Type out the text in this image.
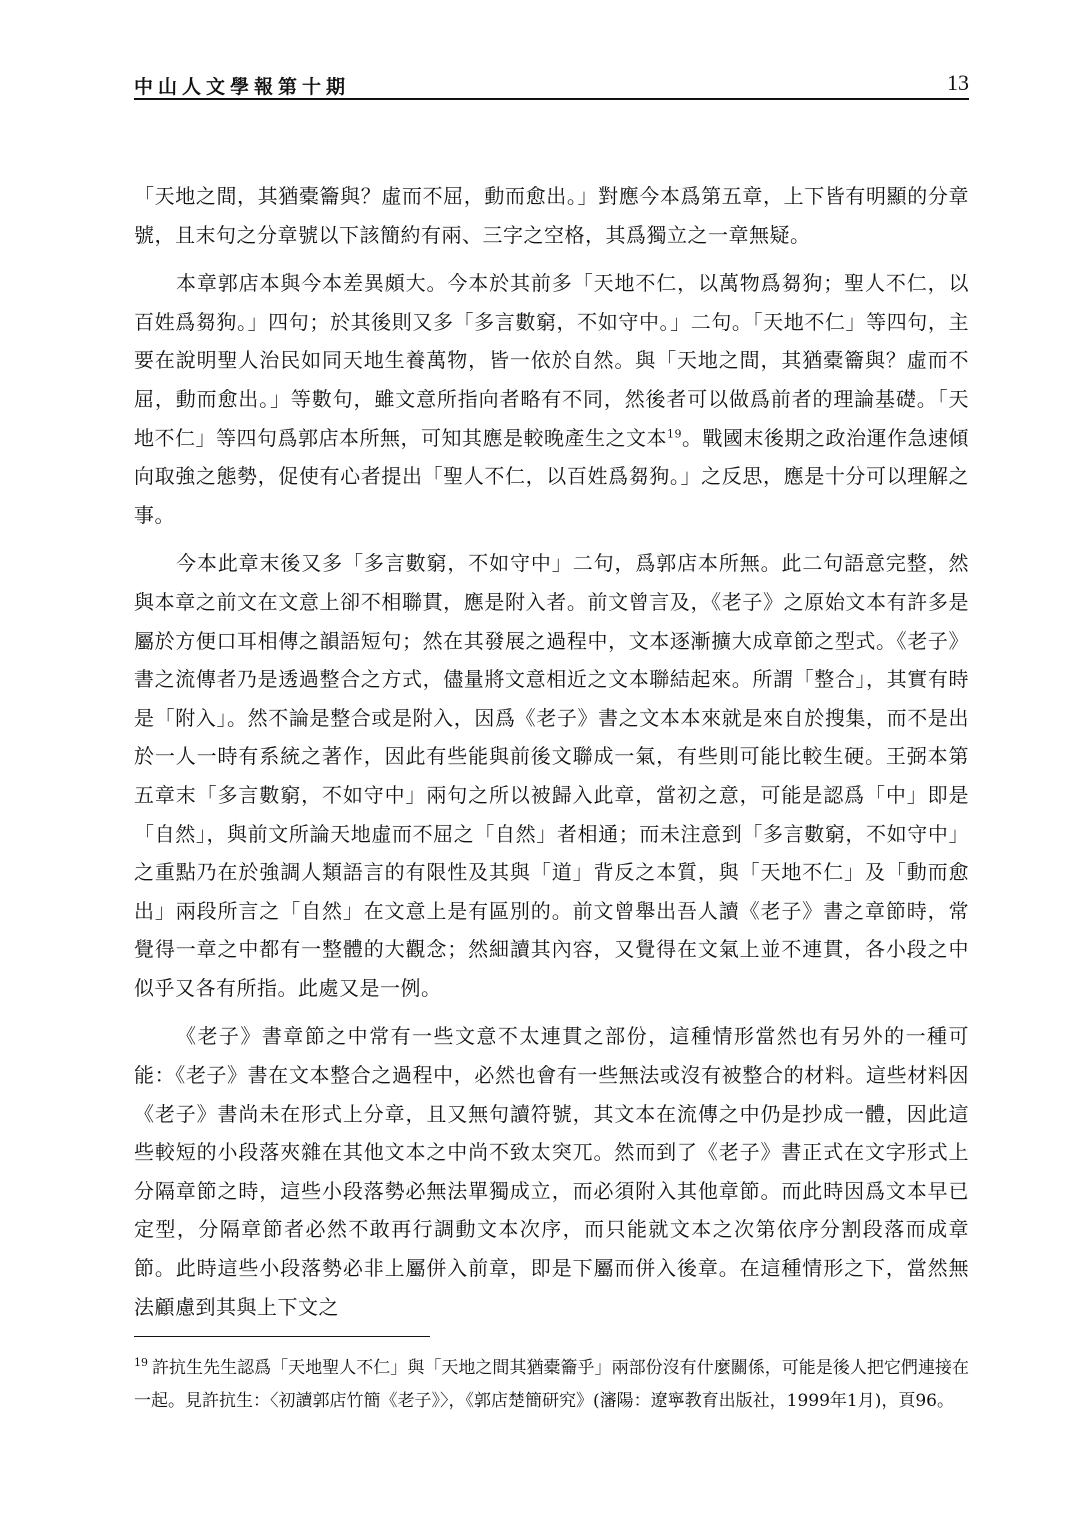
中山人文學報第十期	13

「天地之間，其猶橐籥與？虛而不屈，動而愈出。」對應今本爲第五章，上下皆有明顯的分章號，且末句之分章號以下該簡約有兩、三字之空格，其爲獨立之一章無疑。

本章郭店本與今本差異頗大。今本於其前多「天地不仁，以萬物爲芻狗；聖人不仁，以百姓爲芻狗。」四句；於其後則又多「多言數窮，不如守中。」二句。「天地不仁」等四句，主要在說明聖人治民如同天地生養萬物，皆一依於自然。與「天地之間，其猶橐籥與？虛而不屈，動而愈出。」等數句，雖文意所指向者略有不同，然後者可以做爲前者的理論基礎。「天地不仁」等四句爲郭店本所無，可知其應是較晚產生之文本$^{19}$。戰國末後期之政治運作急速傾向取強之態勢，促使有心者提出「聖人不仁，以百姓爲芻狗。」之反思，應是十分可以理解之事。

今本此章末後又多「多言數窮，不如守中」二句，爲郭店本所無。此二句語意完整，然與本章之前文在文意上卻不相聯貫，應是附入者。前文曾言及，《老子》之原始文本有許多是屬於方便口耳相傳之韻語短句；然在其發展之過程中，文本逐漸擴大成章節之型式。《老子》書之流傳者乃是透過整合之方式，儘量將文意相近之文本聯結起來。所謂「整合」，其實有時是「附入」。然不論是整合或是附入，因爲《老子》書之文本本來就是來自於搜集，而不是出於一人一時有系統之著作，因此有些能與前後文聯成一氣，有些則可能比較生硬。王弼本第五章末「多言數窮，不如守中」兩句之所以被歸入此章，當初之意，可能是認爲「中」即是「自然」，與前文所論天地虛而不屈之「自然」者相通；而未注意到「多言數窮，不如守中」之重點乃在於強調人類語言的有限性及其與「道」背反之本質，與「天地不仁」及「動而愈出」兩段所言之「自然」在文意上是有區別的。前文曾舉出吾人讀《老子》書之章節時，常覺得一章之中都有一整體的大觀念；然細讀其內容，又覺得在文氣上並不連貫，各小段之中似乎又各有所指。此處又是一例。

《老子》書章節之中常有一些文意不太連貫之部份，這種情形當然也有另外的一種可能：《老子》書在文本整合之過程中，必然也會有一些無法或沒有被整合的材料。這些材料因《老子》書尚未在形式上分章，且又無句讀符號，其文本在流傳之中仍是抄成一體，因此這些較短的小段落夾雜在其他文本之中尚不致太突兀。然而到了《老子》書正式在文字形式上分隔章節之時，這些小段落勢必無法單獨成立，而必須附入其他章節。而此時因爲文本早已定型，分隔章節者必然不敢再行調動文本次序，而只能就文本之次第依序分割段落而成章節。此時這些小段落勢必非上屬併入前章，即是下屬而併入後章。在這種情形之下，當然無法顧慮到其與上下文之

$^{19}$ 許抗生先生認爲「天地聖人不仁」與「天地之間其猶橐籥乎」兩部份沒有什麼關係，可能是後人把它們連接在一起。見許抗生：〈初讀郭店竹簡《老子》〉，《郭店楚簡研究》(瀋陽：遼寧教育出版社，1999年1月)，頁96。
